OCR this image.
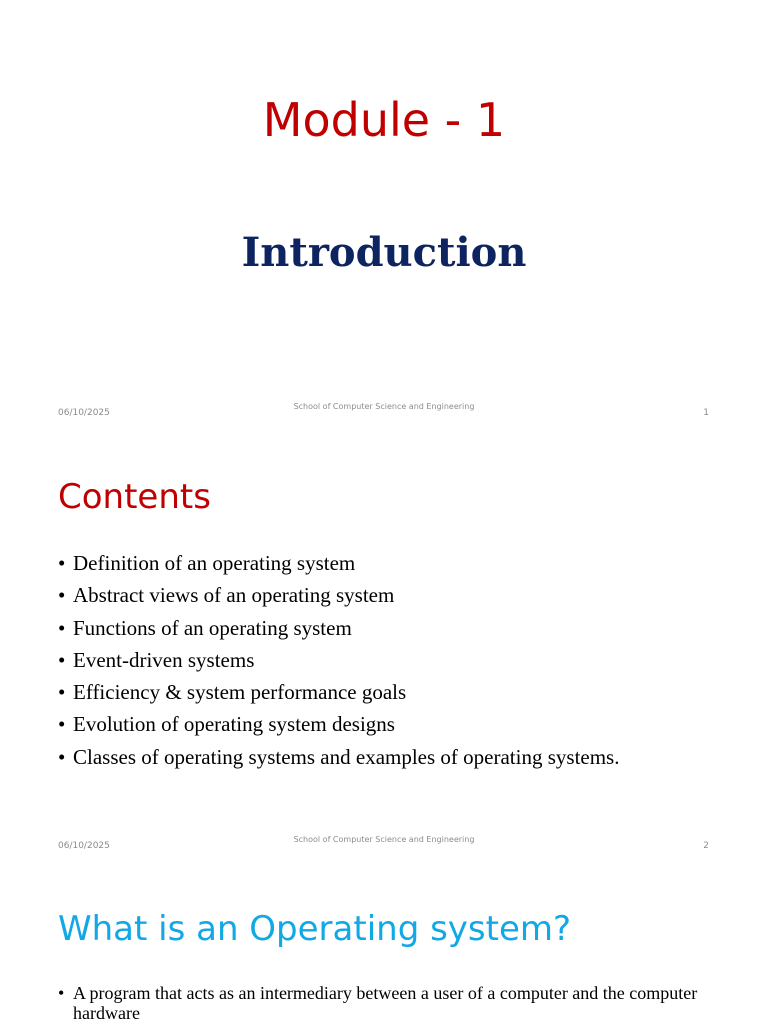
Module - 1
Introduction
06/10/2025
School of Computer Science and Engineering
1
Contents
• Definition of an operating system
• Abstract views of an operating system
• Functions of an operating system
• Event-driven systems
• Efficiency & system performance goals
• Evolution of operating system designs
• Classes of operating systems and examples of operating systems.
06/10/2025
School of Computer Science and Engineering
2
What is an Operating system?
• A program that acts as an intermediary between a user of a computer and the computer hardware
